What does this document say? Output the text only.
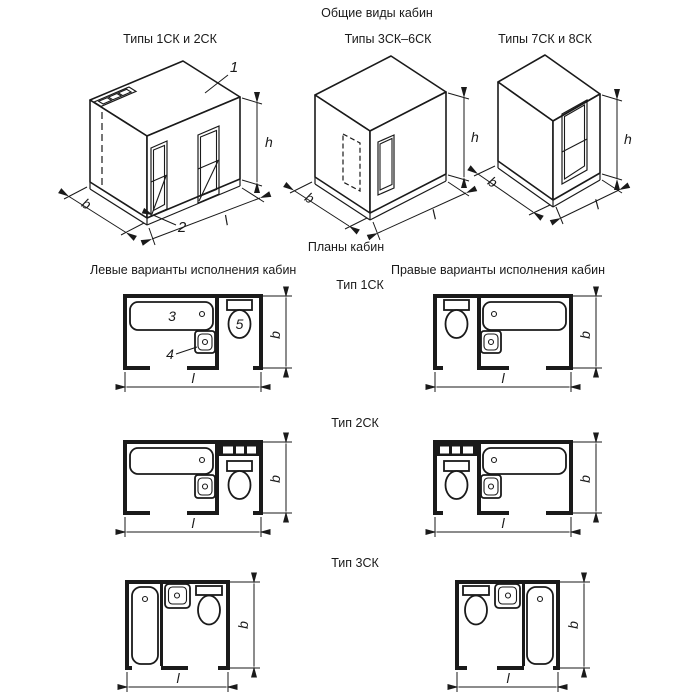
Общие виды кабин
Типы 1СК и 2СК	Типы 3СК–6СК	Типы 7СК и 8СК
1
2
h
b
l
h
b
l
h
b
l
Планы кабин
Левые варианты исполнения кабин	Правые варианты исполнения кабин
Тип 1СК
Тип 2СК
Тип 3СК
3
4
5
b
l
b
l
b
l
b
l
b
l
b
l
